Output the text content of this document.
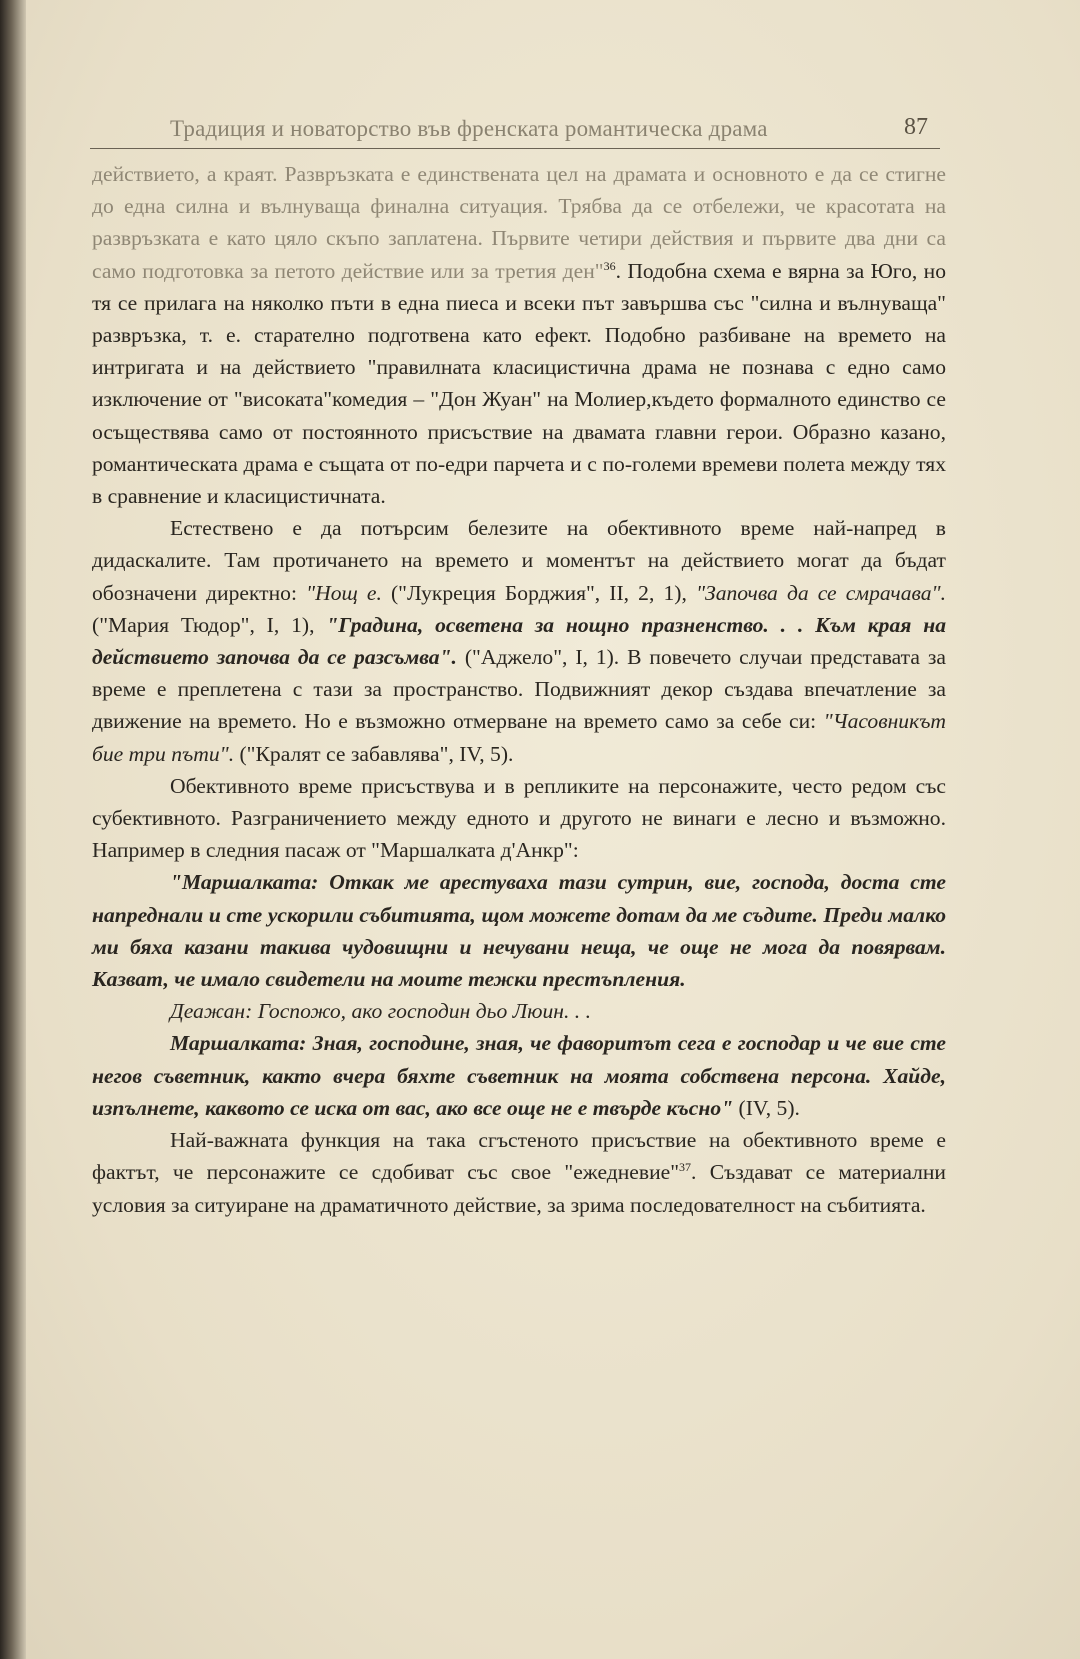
Традиция и новаторство във френската романтическа драма	87

действието, а краят. Развръзката е единствената цел на драмата и основното е да се стигне до една силна и вълнуваща финална ситуация. Трябва да се отбележи, че красотата на развръзката е като цяло скъпо заплатена. Първите четири действия и първите два дни са само подготовка за петото действие или за третия ден"$^{36}$. Подобна схема е вярна за Юго, но тя се прилага на няколко пъти в една пиеса и всеки път завършва със "силна и вълнуваща" развръзка, т. е. старателно подготвена като ефект. Подобно разбиване на времето на интригата и на действието "правилната класицистична драма не познава с едно само изключение от "високата"комедия – "Дон Жуан" на Молиер,където формалното единство се осъществява само от постоянното присъствие на двамата главни герои. Образно казано, романтическата драма е същата от по-едри парчета и с по-големи времеви полета между тях в сравнение и класицистичната.

Естествено е да потърсим белезите на обективното време най-напред в дидаскалите. Там протичането на времето и моментът на действието могат да бъдат обозначени директно: "Нощ е. ("Лукреция Борджия", II, 2, 1), "Започва да се смрачава". ("Мария Тюдор", I, 1), "Градина, осветена за нощно празненство. . . Към края на действието започва да се разсъмва". ("Аджело", I, 1). В повечето случаи представата за време е преплетена с тази за пространство. Подвижният декор създава впечатление за движение на времето. Но е възможно отмерване на времето само за себе си: "Часовникът бие три пъти". ("Кралят се забавлява", IV, 5).

Обективното време присъствува и в репликите на персонажите, често редом със субективното. Разграничението между едното и другото не винаги е лесно и възможно. Например в следния пасаж от "Маршалката д'Анкр":

"Маршалката: Откак ме арестуваха тази сутрин, вие, господа, доста сте напреднали и сте ускорили събитията, щом можете дотам да ме съдите. Преди малко ми бяха казани такива чудовищни и нечувани неща, че още не мога да повярвам. Казват, че имало свидетели на моите тежки престъпления.

Деажан: Госпожо, ако господин дьо Люин. . .

Маршалката: Зная, господине, зная, че фаворитът сега е господар и че вие сте негов съветник, както вчера бяхте съветник на моята собствена персона. Хайде, изпълнете, каквото се иска от вас, ако все още не е твърде късно" (IV, 5).

Най-важната функция на така сгъстеното присъствие на обективното време е фактът, че персонажите се сдобиват със свое "ежедневие"$^{37}$. Създават се материални условия за ситуиране на драматичното действие, за зрима последователност на събитията.
